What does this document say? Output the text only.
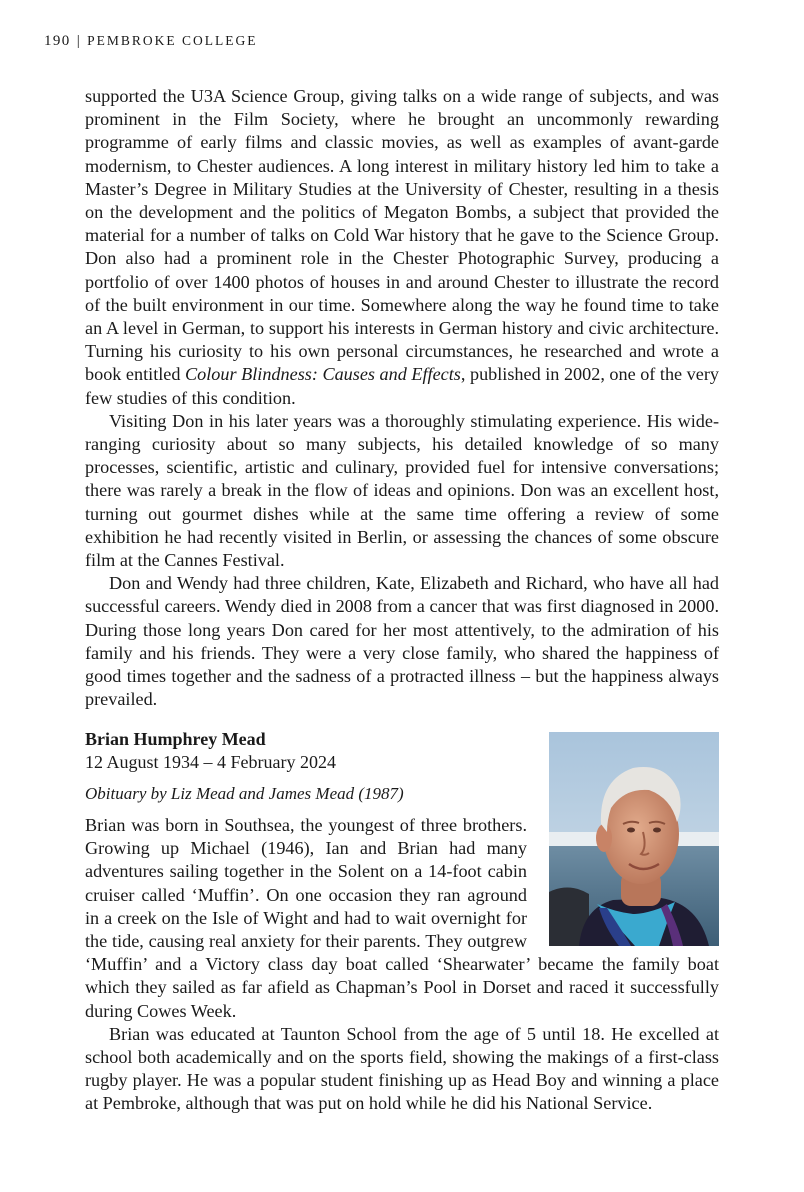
190 | PEMBROKE COLLEGE

supported the U3A Science Group, giving talks on a wide range of subjects, and was prominent in the Film Society, where he brought an uncommonly rewarding programme of early films and classic movies, as well as examples of avant-garde modernism, to Chester audiences. A long interest in military history led him to take a Master’s Degree in Military Studies at the University of Chester, resulting in a thesis on the development and the politics of Megaton Bombs, a subject that provided the material for a number of talks on Cold War history that he gave to the Science Group. Don also had a prominent role in the Chester Photographic Survey, producing a portfolio of over 1400 photos of houses in and around Chester to illustrate the record of the built environment in our time. Somewhere along the way he found time to take an A level in German, to support his interests in German history and civic architecture. Turning his curiosity to his own personal circumstances, he researched and wrote a book entitled Colour Blindness: Causes and Effects, published in 2002, one of the very few studies of this condition.

Visiting Don in his later years was a thoroughly stimulating experience. His wide-ranging curiosity about so many subjects, his detailed knowledge of so many processes, scientific, artistic and culinary, provided fuel for intensive conversations; there was rarely a break in the flow of ideas and opinions. Don was an excellent host, turning out gourmet dishes while at the same time offering a review of some exhibition he had recently visited in Berlin, or assessing the chances of some obscure film at the Cannes Festival.

Don and Wendy had three children, Kate, Elizabeth and Richard, who have all had successful careers. Wendy died in 2008 from a cancer that was first diagnosed in 2000. During those long years Don cared for her most attentively, to the admiration of his family and his friends. They were a very close family, who shared the happiness of good times together and the sadness of a protracted illness – but the happiness always prevailed.

Brian Humphrey Mead

12 August 1934 – 4 February 2024

Obituary by Liz Mead and James Mead (1987)

Brian was born in Southsea, the youngest of three brothers. Growing up Michael (1946), Ian and Brian had many adventures sailing together in the Solent on a 14-foot cabin cruiser called ‘Muffin’. On one occasion they ran aground in a creek on the Isle of Wight and had to wait overnight for the tide, causing real anxiety for their parents. They outgrew ‘Muffin’ and a Victory class day boat called ‘Shearwater’ became the family boat which they sailed as far afield as Chapman’s Pool in Dorset and raced it successfully during Cowes Week.

Brian was educated at Taunton School from the age of 5 until 18. He excelled at school both academically and on the sports field, showing the makings of a first-class rugby player. He was a popular student finishing up as Head Boy and winning a place at Pembroke, although that was put on hold while he did his National Service.
